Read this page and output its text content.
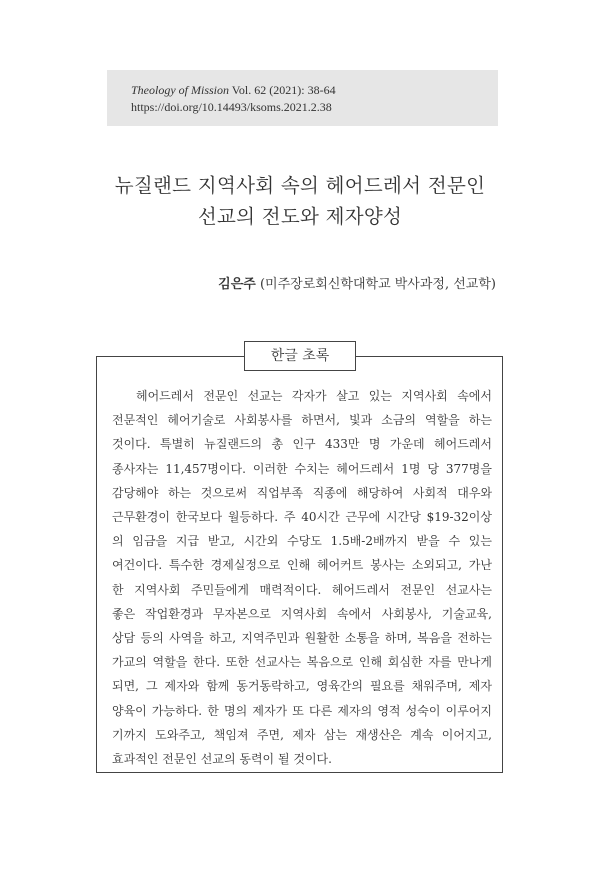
Theology of Mission Vol. 62 (2021): 38-64
https://doi.org/10.14493/ksoms.2021.2.38
뉴질랜드 지역사회 속의 헤어드레서 전문인
선교의 전도와 제자양성
김은주 (미주장로회신학대학교 박사과정, 선교학)
한글 초록
헤어드레서 전문인 선교는 각자가 살고 있는 지역사회 속에서
전문적인 헤어기술로 사회봉사를 하면서, 빛과 소금의 역할을 하는
것이다. 특별히 뉴질랜드의 총 인구 433만 명 가운데 헤어드레서
종사자는 11,457명이다. 이러한 수치는 헤어드레서 1명 당 377명을
감당해야 하는 것으로써 직업부족 직종에 해당하여 사회적 대우와
근무환경이 한국보다 월등하다. 주 40시간 근무에 시간당 $19-32이상
의 임금을 지급 받고, 시간외 수당도 1.5배-2배까지 받을 수 있는
여건이다. 특수한 경제실정으로 인해 헤어커트 봉사는 소외되고, 가난
한 지역사회 주민들에게 매력적이다. 헤어드레서 전문인 선교사는
좋은 작업환경과 무자본으로 지역사회 속에서 사회봉사, 기술교육,
상담 등의 사역을 하고, 지역주민과 원활한 소통을 하며, 복음을 전하는
가교의 역할을 한다. 또한 선교사는 복음으로 인해 회심한 자를 만나게
되면, 그 제자와 함께 동거동락하고, 영육간의 필요를 채워주며, 제자
양육이 가능하다. 한 명의 제자가 또 다른 제자의 영적 성숙이 이루어지
기까지 도와주고, 책임져 주면, 제자 삼는 재생산은 계속 이어지고,
효과적인 전문인 선교의 동력이 될 것이다.
